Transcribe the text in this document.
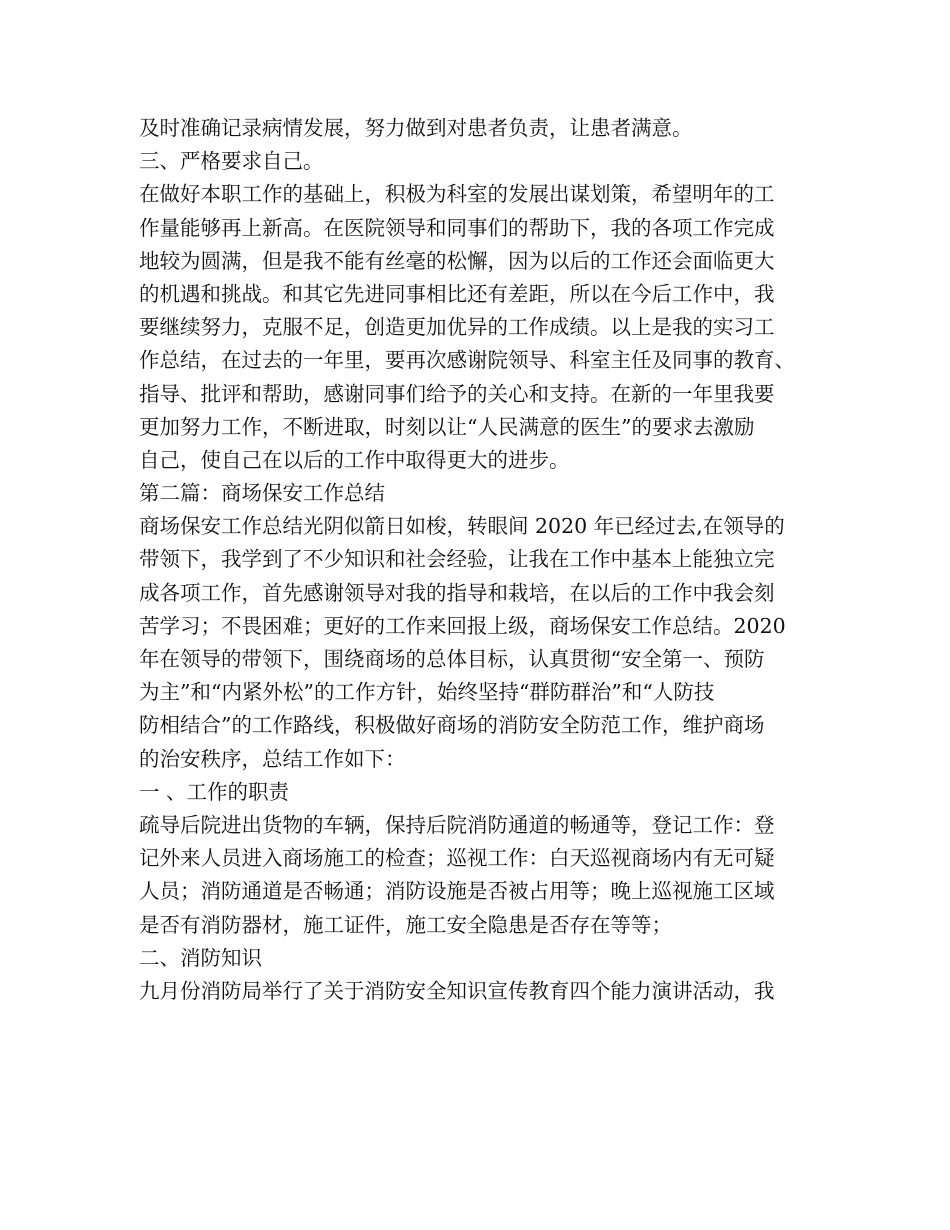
及时准确记录病情发展，努力做到对患者负责，让患者满意。
三、严格要求自己。
在做好本职工作的基础上，积极为科室的发展出谋划策，希望明年的工
作量能够再上新高。在医院领导和同事们的帮助下，我的各项工作完成
地较为圆满，但是我不能有丝毫的松懈，因为以后的工作还会面临更大
的机遇和挑战。和其它先进同事相比还有差距，所以在今后工作中，我
要继续努力，克服不足，创造更加优异的工作成绩。以上是我的实习工
作总结，在过去的一年里，要再次感谢院领导、科室主任及同事的教育、
指导、批评和帮助，感谢同事们给予的关心和支持。在新的一年里我要
更加努力工作，不断进取，时刻以让“人民满意的医生”的要求去激励
自己，使自己在以后的工作中取得更大的进步。
第二篇：商场保安工作总结
商场保安工作总结光阴似箭日如梭，转眼间 2020 年已经过去,在领导的
带领下，我学到了不少知识和社会经验，让我在工作中基本上能独立完
成各项工作，首先感谢领导对我的指导和栽培，在以后的工作中我会刻
苦学习；不畏困难；更好的工作来回报上级，商场保安工作总结。2020
年在领导的带领下，围绕商场的总体目标，认真贯彻“安全第一、预防
为主”和“内紧外松”的工作方针，始终坚持“群防群治”和“人防技
防相结合”的工作路线，积极做好商场的消防安全防范工作，维护商场
的治安秩序，总结工作如下：
一 、工作的职责
疏导后院进出货物的车辆，保持后院消防通道的畅通等，登记工作：登
记外来人员进入商场施工的检查；巡视工作：白天巡视商场内有无可疑
人员；消防通道是否畅通；消防设施是否被占用等；晚上巡视施工区域
是否有消防器材，施工证件，施工安全隐患是否存在等等；
二、消防知识
九月份消防局举行了关于消防安全知识宣传教育四个能力演讲活动，我
